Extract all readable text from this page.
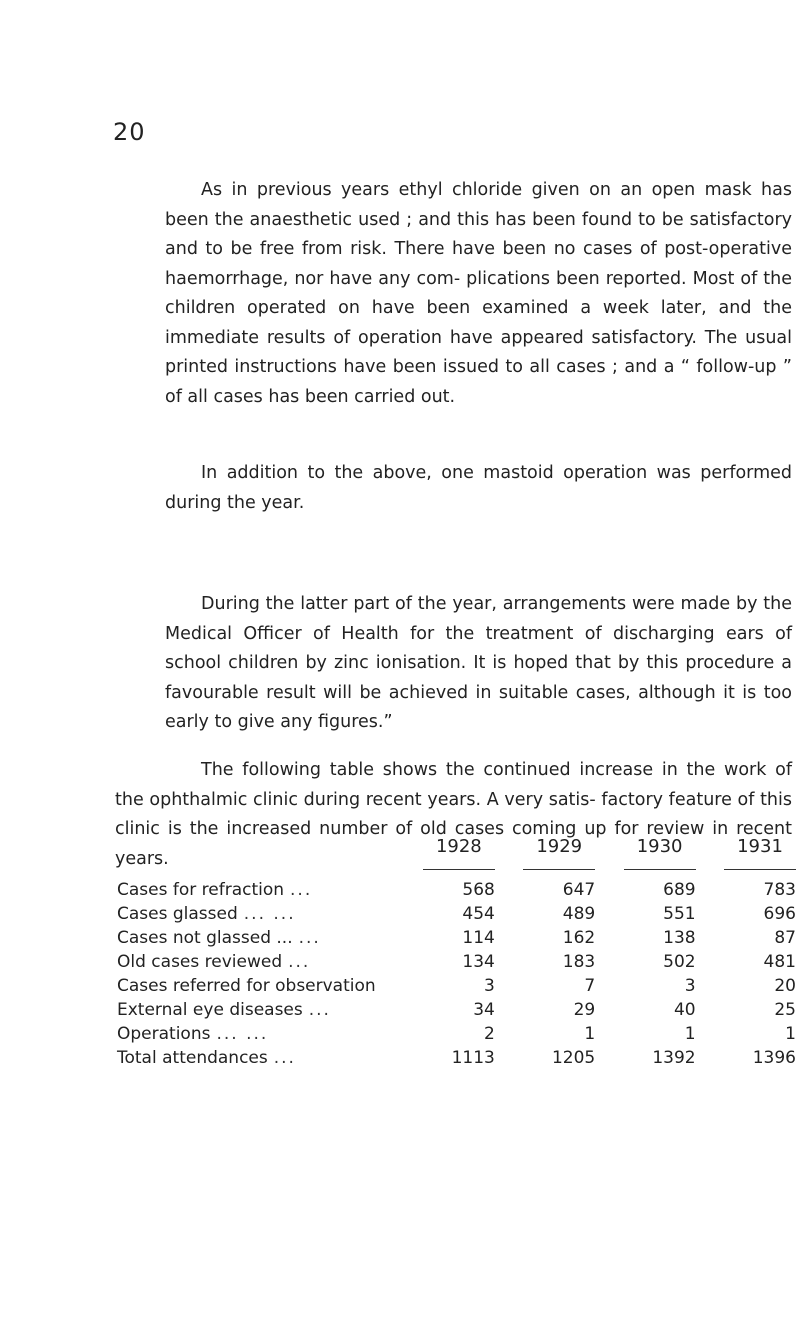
20

As in previous years ethyl chloride given on an open mask has been the anaesthetic used ; and this has been found to be satisfactory and to be free from risk. There have been no cases of post-operative haemorrhage, nor have any com- plications been reported. Most of the children operated on have been examined a week later, and the immediate results of operation have appeared satisfactory. The usual printed instructions have been issued to all cases ; and a “ follow-up ” of all cases has been carried out.

In addition to the above, one mastoid operation was performed during the year.

During the latter part of the year, arrangements were made by the Medical Officer of Health for the treatment of discharging ears of school children by zinc ionisation. It is hoped that by this procedure a favourable result will be achieved in suitable cases, although it is too early to give any figures.”

The following table shows the continued increase in the work of the ophthalmic clinic during recent years. A very satis- factory feature of this clinic is the increased number of old cases coming up for review in recent years.

	1928	1929	1930	1931
Cases for refraction ...	568	647	689	783
Cases glassed ... ...	454	489	551	696
Cases not glassed ... ...	114	162	138	87
Old cases reviewed ...	134	183	502	481
Cases referred for observation	3	7	3	20
External eye diseases ...	34	29	40	25
Operations ... ...	2	1	1	1
Total attendances ...	1113	1205	1392	1396
